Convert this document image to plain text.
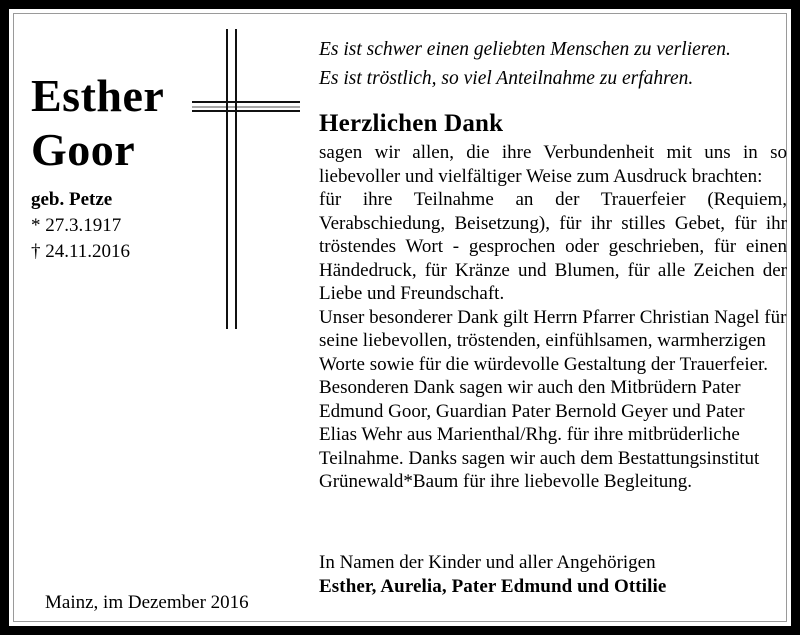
Esther
Goor
geb. Petze
* 27.3.1917
† 24.11.2016
Es ist schwer einen geliebten Menschen zu verlieren.
Es ist tröstlich, so viel Anteilnahme zu erfahren.
Herzlichen Dank

sagen wir allen, die ihre Verbundenheit mit uns in so liebevoller und vielfältiger Weise zum Ausdruck brachten:

für ihre Teilnahme an der Trauerfeier (Requiem, Verabschiedung, Beisetzung), für ihr stilles Gebet, für ihr tröstendes Wort - gesprochen oder geschrieben, für einen Händedruck, für Kränze und Blumen, für alle Zeichen der Liebe und Freundschaft.

Unser besonderer Dank gilt Herrn Pfarrer Christian Nagel für seine liebevollen, tröstenden, einfühlsamen, warmherzigen Worte sowie für die würdevolle Gestaltung der Trauerfeier. Besonderen Dank sagen wir auch den Mitbrüdern Pater Edmund Goor, Guardian Pater Bernold Geyer und Pater Elias Wehr aus Marienthal/Rhg. für ihre mitbrüderliche Teilnahme. Danks sagen wir auch dem Bestattungsinstitut Grünewald*Baum für ihre liebevolle Begleitung.

In Namen der Kinder und aller Angehörigen
Esther, Aurelia, Pater Edmund und Ottilie
Mainz, im Dezember 2016
